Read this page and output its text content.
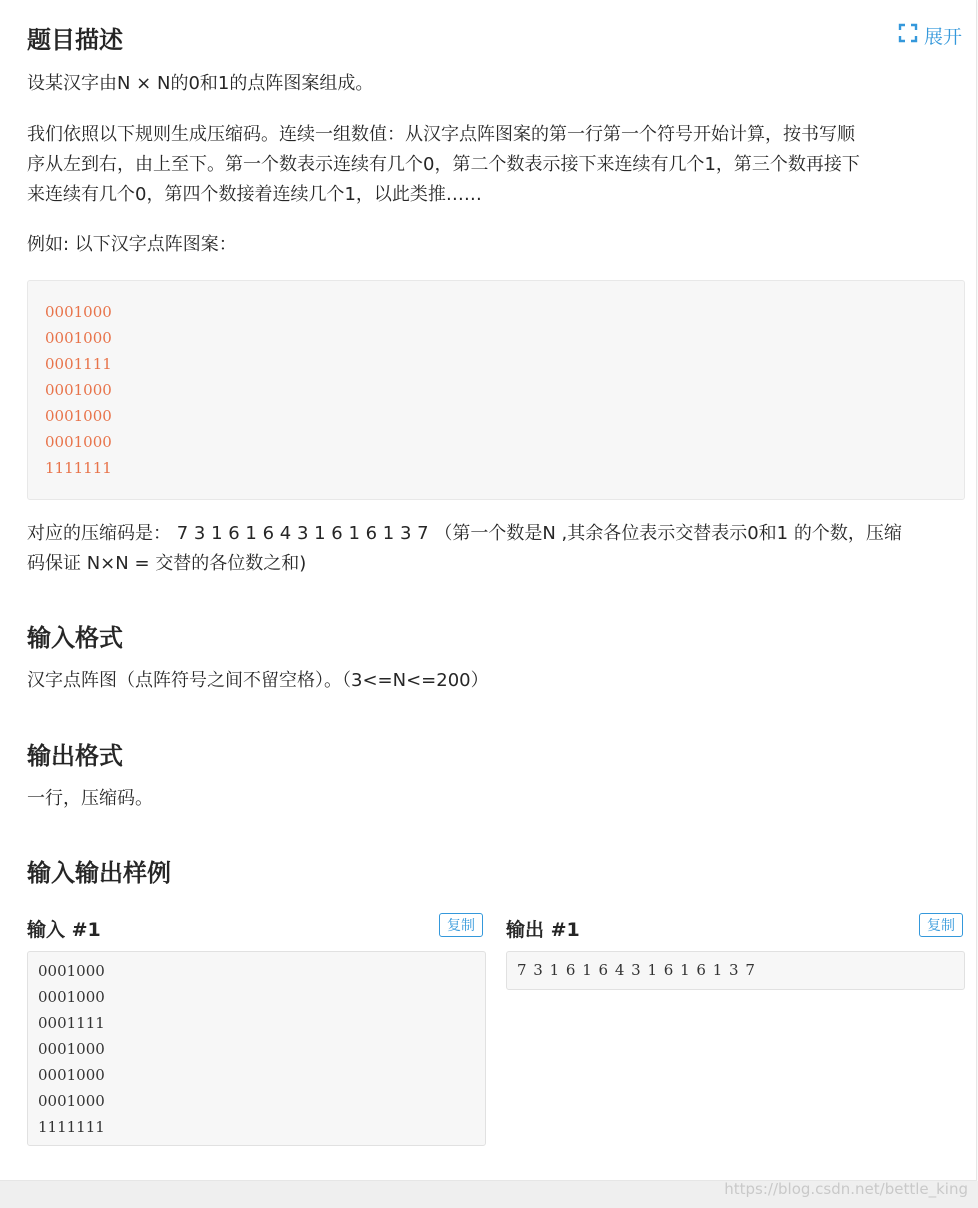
题目描述	展开
设某汉字由N × N的0和1的点阵图案组成。
我们依照以下规则生成压缩码。连续一组数值：从汉字点阵图案的第一行第一个符号开始计算，按书写顺
序从左到右，由上至下。第一个数表示连续有几个0，第二个数表示接下来连续有几个1，第三个数再接下
来连续有几个0，第四个数接着连续几个1，以此类推……
例如: 以下汉字点阵图案：
0001000
0001000
0001111
0001000
0001000
0001000
1111111
对应的压缩码是： 7 3 1 6 1 6 4 3 1 6 1 6 1 3 7 （第一个数是N ,其余各位表示交替表示0和1 的个数，压缩
码保证 N×N = 交替的各位数之和)
输入格式
汉字点阵图（点阵符号之间不留空格）。（3<=N<=200）
输出格式
一行，压缩码。
输入输出样例
输入 #1	复制
0001000
0001000
0001111
0001000
0001000
0001000
1111111
输出 #1	复制
7 3 1 6 1 6 4 3 1 6 1 6 1 3 7
https://blog.csdn.net/bettle_king
